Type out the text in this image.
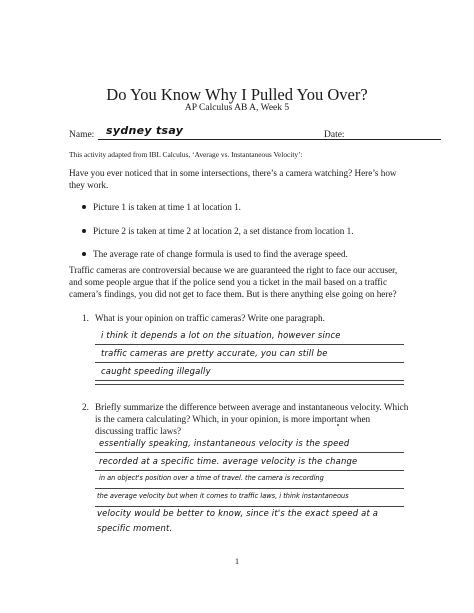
Do You Know Why I Pulled You Over?
AP Calculus AB A, Week 5
Name: sydney tsay	Date:
This activity adapted from IBL Calculus, ‘Average vs. Instantaneous Velocity’:
Have you ever noticed that in some intersections, there’s a camera watching? Here’s how they work.
Picture 1 is taken at time 1 at location 1.
Picture 2 is taken at time 2 at location 2, a set distance from location 1.
The average rate of change formula is used to find the average speed.
Traffic cameras are controversial because we are guaranteed the right to face our accuser, and some people argue that if the police send you a ticket in the mail based on a traffic camera’s findings, you did not get to face them. But is there anything else going on here?
1. What is your opinion on traffic cameras? Write one paragraph.
i think it depends a lot on the situation, however since
traffic cameras are pretty accurate, you can still be
caught speeding illegally
2. Briefly summarize the difference between average and instantaneous velocity. Which is the camera calculating? Which, in your opinion, is more important when discussing traffic laws?
essentially speaking, instantaneous velocity is the speed
recorded at a specific time. average velocity is the change
in an object's position over a time of travel. the camera is recording
the average velocity but when it comes to traffic laws, i think instantaneous
velocity would be better to know, since it's the exact speed at a
specific moment.
1
